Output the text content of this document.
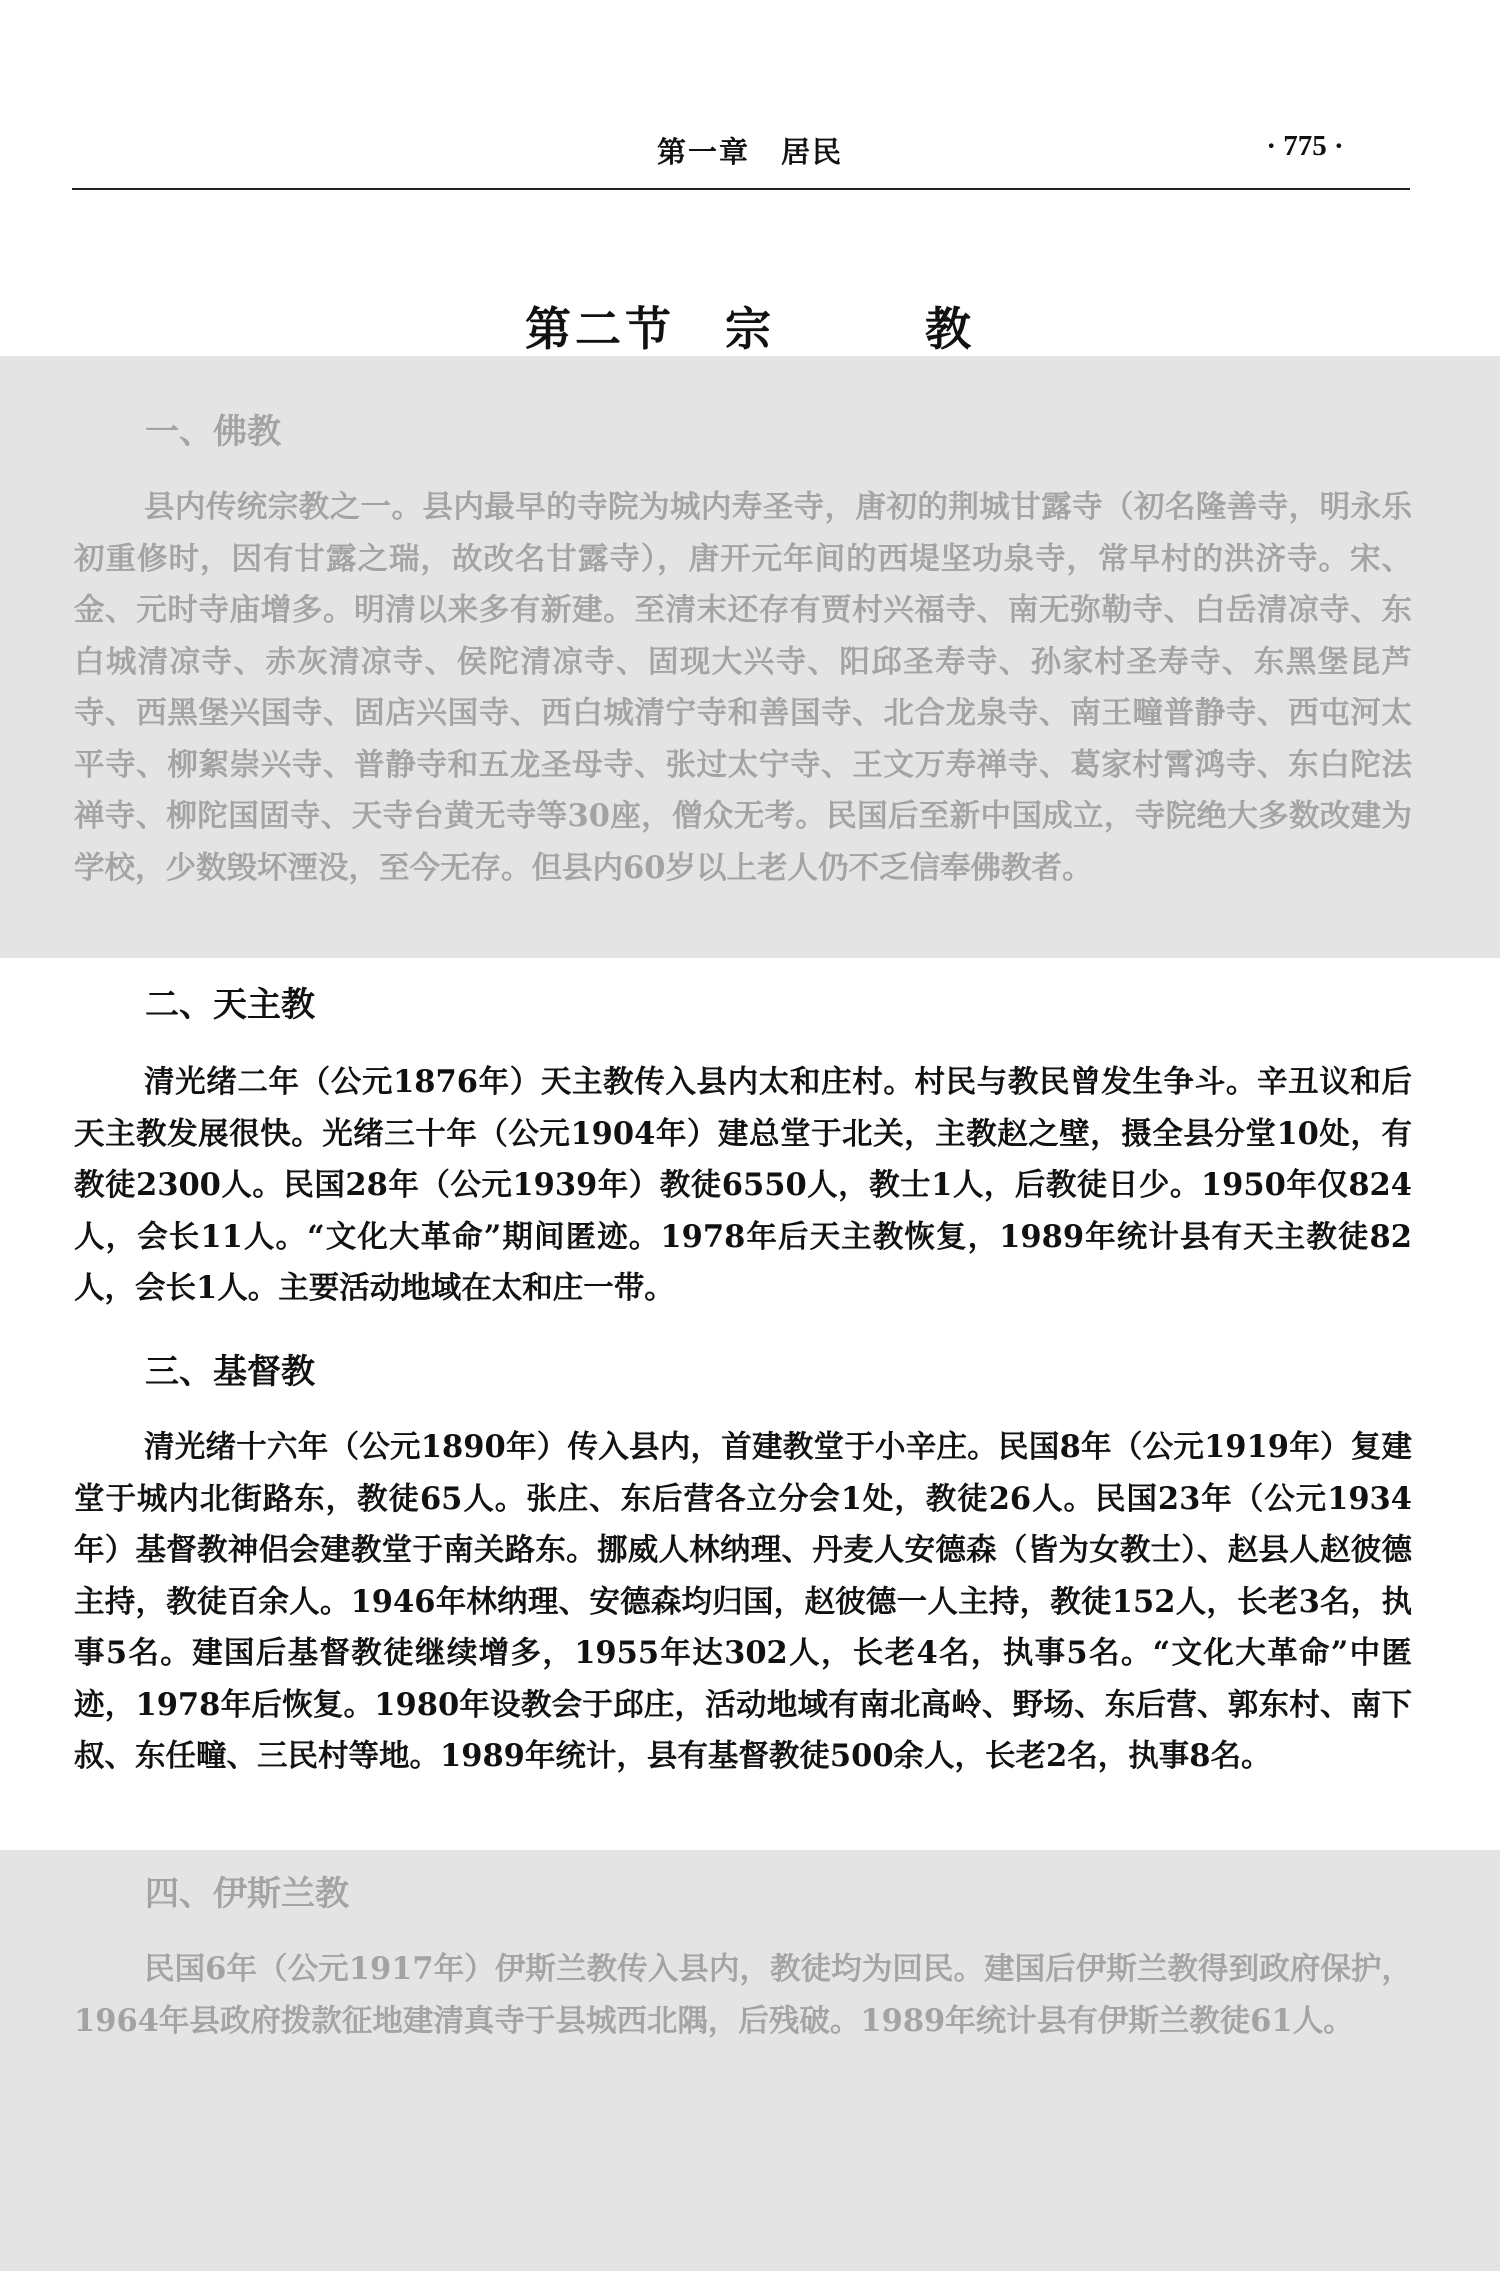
第一章　居民	· 775 ·
第二节　宗　　　教
一、佛教

县内传统宗教之一。县内最早的寺院为城内寿圣寺，唐初的荆城甘露寺（初名隆善寺，明永乐初重修时，因有甘露之瑞，故改名甘露寺），唐开元年间的西堤坚功泉寺，常早村的洪济寺。宋、金、元时寺庙增多。明清以来多有新建。至清末还存有贾村兴福寺、南无弥勒寺、白岳清凉寺、东白城清凉寺、赤灰清凉寺、侯陀清凉寺、固现大兴寺、阳邱圣寿寺、孙家村圣寿寺、东黑堡昆芦寺、西黑堡兴国寺、固店兴国寺、西白城清宁寺和善国寺、北合龙泉寺、南王疃普静寺、西屯河太平寺、柳絮崇兴寺、普静寺和五龙圣母寺、张过太宁寺、王文万寿禅寺、葛家村霄鸿寺、东白陀法禅寺、柳陀国固寺、天寺台黄无寺等30座，僧众无考。民国后至新中国成立，寺院绝大多数改建为学校，少数毁坏湮没，至今无存。但县内60岁以上老人仍不乏信奉佛教者。

二、天主教

清光绪二年（公元1876年）天主教传入县内太和庄村。村民与教民曾发生争斗。辛丑议和后天主教发展很快。光绪三十年（公元1904年）建总堂于北关，主教赵之壁，摄全县分堂10处，有教徒2300人。民国28年（公元1939年）教徒6550人，教士1人，后教徒日少。1950年仅824人，会长11人。“文化大革命”期间匿迹。1978年后天主教恢复，1989年统计县有天主教徒82人，会长1人。主要活动地域在太和庄一带。

三、基督教

清光绪十六年（公元1890年）传入县内，首建教堂于小辛庄。民国8年（公元1919年）复建堂于城内北街路东，教徒65人。张庄、东后营各立分会1处，教徒26人。民国23年（公元1934年）基督教神侣会建教堂于南关路东。挪威人林纳理、丹麦人安德森（皆为女教士）、赵县人赵彼德主持，教徒百余人。1946年林纳理、安德森均归国，赵彼德一人主持，教徒152人，长老3名，执事5名。建国后基督教徒继续增多，1955年达302人，长老4名，执事5名。“文化大革命”中匿迹，1978年后恢复。1980年设教会于邱庄，活动地域有南北高岭、野场、东后营、郭东村、南下叔、东任疃、三民村等地。1989年统计，县有基督教徒500余人，长老2名，执事8名。

四、伊斯兰教

民国6年（公元1917年）伊斯兰教传入县内，教徒均为回民。建国后伊斯兰教得到政府保护，1964年县政府拨款征地建清真寺于县城西北隅，后残破。1989年统计县有伊斯兰教徒61人。
